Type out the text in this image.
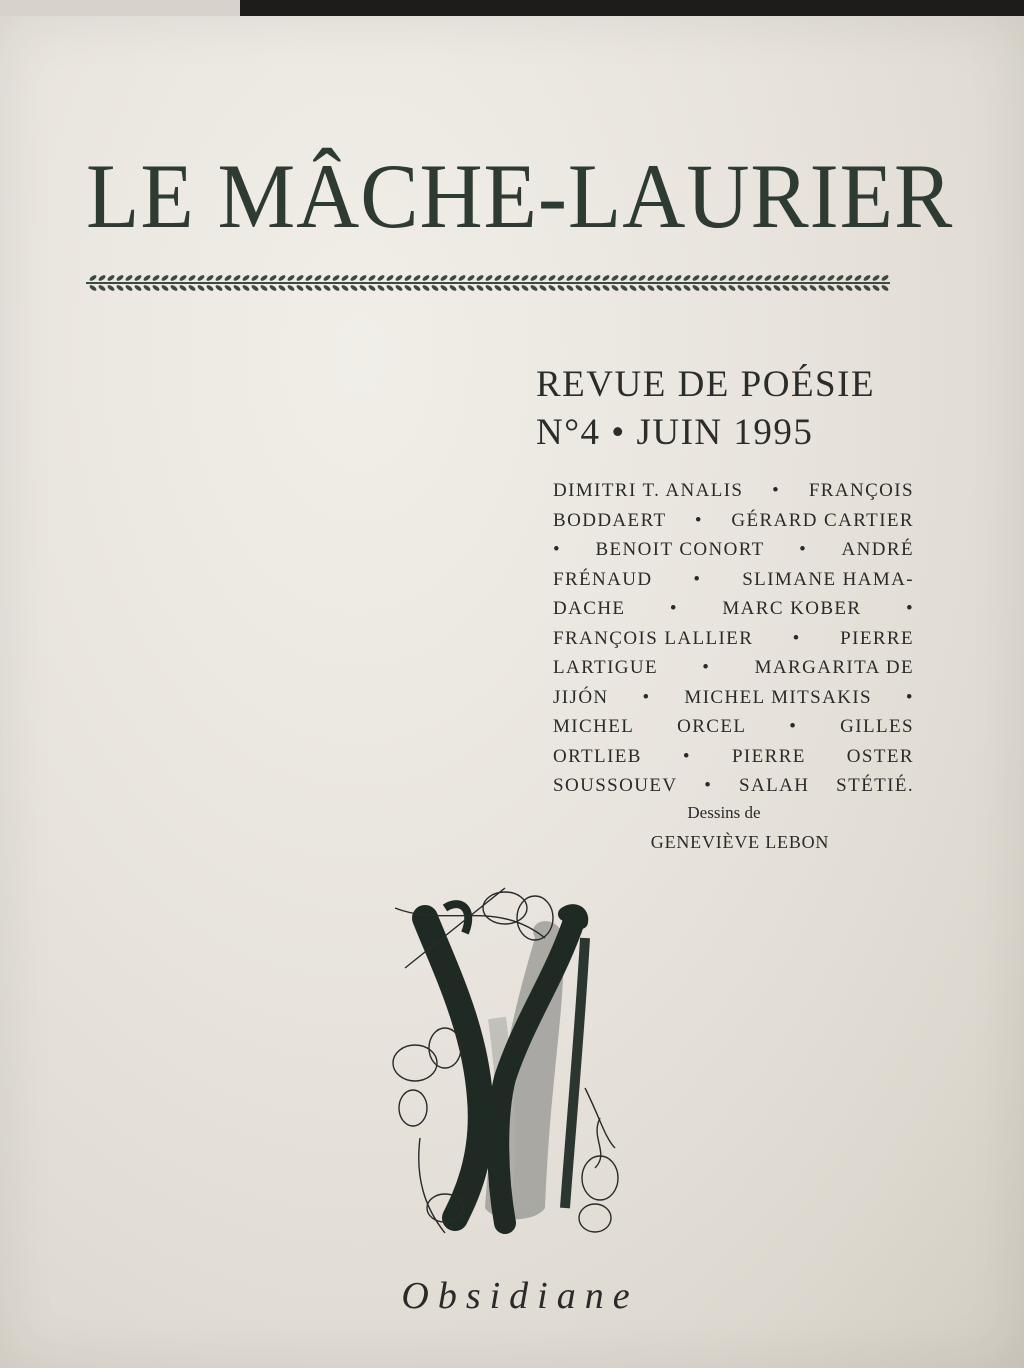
LE MÂCHE-LAURIER
REVUE DE POÉSIE
N°4 • JUIN 1995
DIMITRI T. ANALIS • FRANÇOIS
BODDAERT • GÉRARD CARTIER
• BENOIT CONORT • ANDRÉ
FRÉNAUD • SLIMANE HAMA-
DACHE • MARC KOBER •
FRANÇOIS LALLIER • PIERRE
LARTIGUE • MARGARITA DE
JIJÓN • MICHEL MITSAKIS •
MICHEL ORCEL • GILLES
ORTLIEB • PIERRE OSTER
SOUSSOUEV • SALAH STÉTIÉ.
Dessins de
GENEVIÈVE LEBON

Obsidiane
